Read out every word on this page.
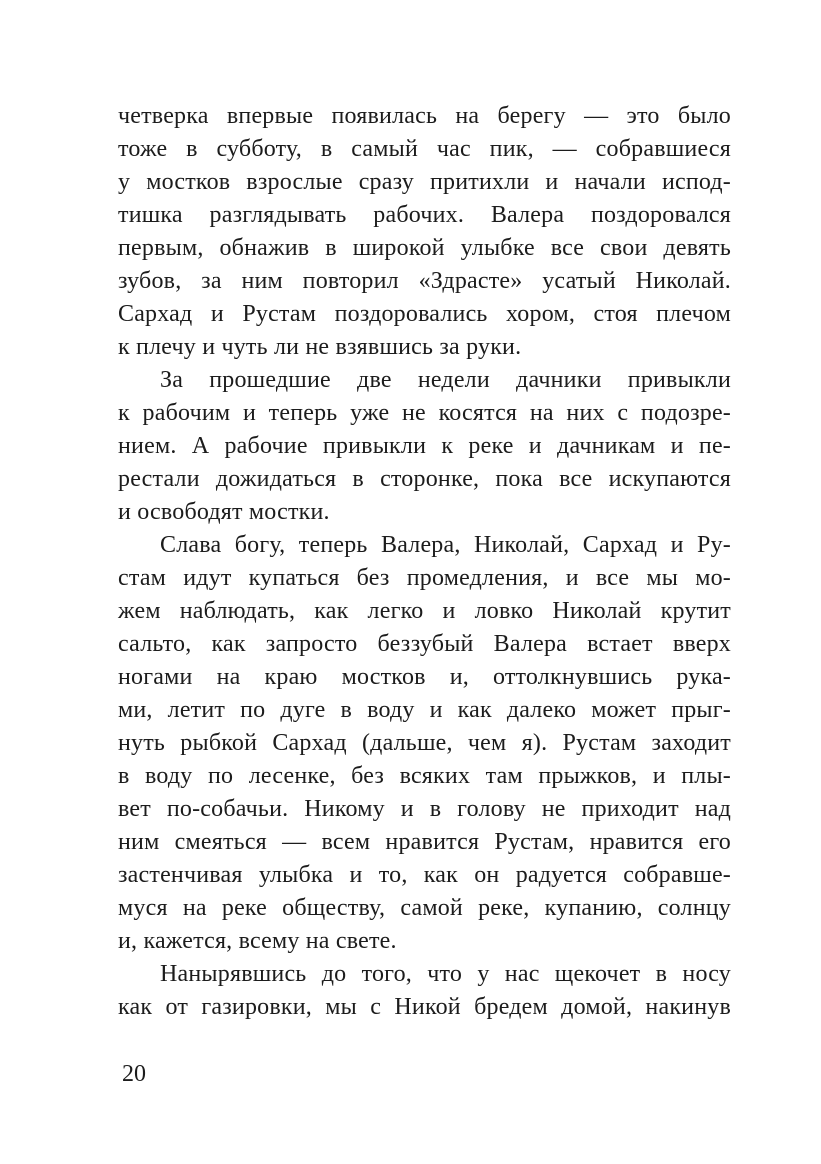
четверка впервые появилась на берегу — это было
тоже в субботу, в самый час пик, — собравшиеся
у мостков взрослые сразу притихли и начали испод-
тишка разглядывать рабочих. Валера поздоровался
первым, обнажив в широкой улыбке все свои девять
зубов, за ним повторил «Здрасте» усатый Николай.
Сархад и Рустам поздоровались хором, стоя плечом
к плечу и чуть ли не взявшись за руки.
За прошедшие две недели дачники привыкли
к рабочим и теперь уже не косятся на них с подозре-
нием. А рабочие привыкли к реке и дачникам и пе-
рестали дожидаться в сторонке, пока все искупаются
и освободят мостки.
Слава богу, теперь Валера, Николай, Сархад и Ру-
стам идут купаться без промедления, и все мы мо-
жем наблюдать, как легко и ловко Николай крутит
сальто, как запросто беззубый Валера встает вверх
ногами на краю мостков и, оттолкнувшись рука-
ми, летит по дуге в воду и как далеко может прыг-
нуть рыбкой Сархад (дальше, чем я). Рустам заходит
в воду по лесенке, без всяких там прыжков, и плы-
вет по-собачьи. Никому и в голову не приходит над
ним смеяться — всем нравится Рустам, нравится его
застенчивая улыбка и то, как он радуется собравше-
муся на реке обществу, самой реке, купанию, солнцу
и, кажется, всему на свете.
Нанырявшись до того, что у нас щекочет в носу
как от газировки, мы с Никой бредем домой, накинув
20
